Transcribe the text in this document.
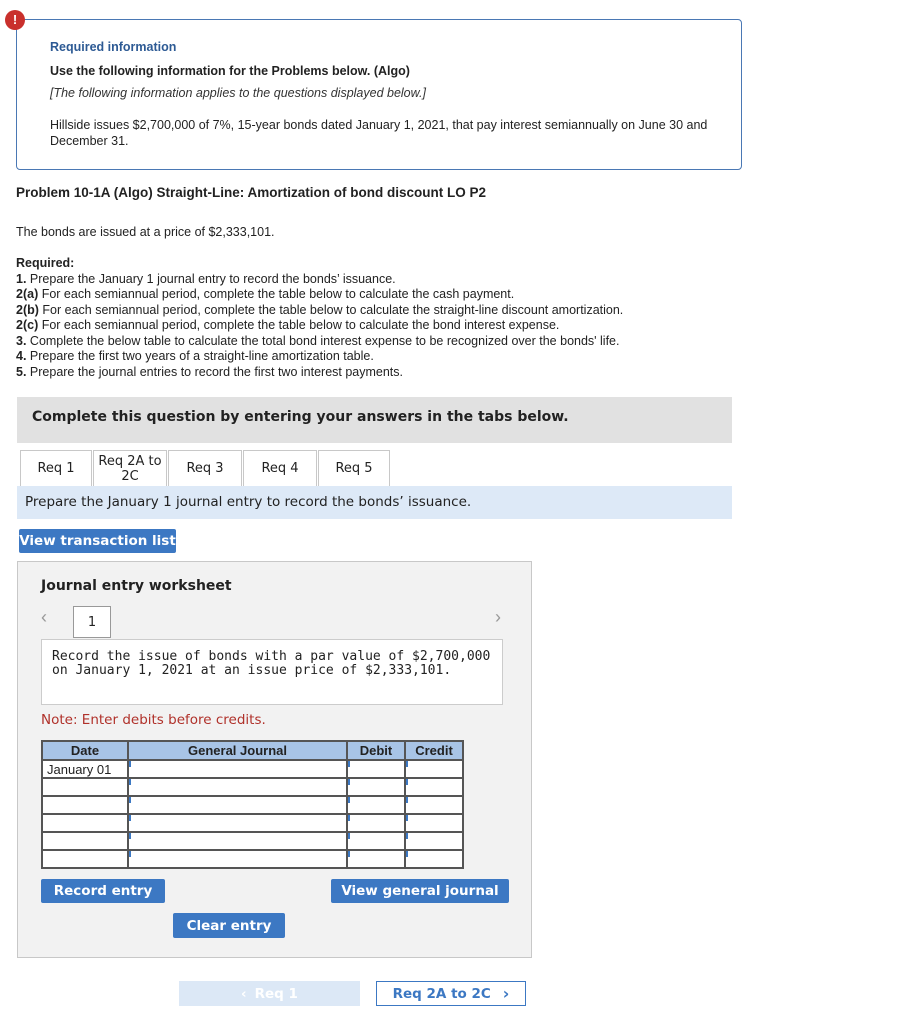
!
Required information
Use the following information for the Problems below. (Algo)
[The following information applies to the questions displayed below.]
Hillside issues $2,700,000 of 7%, 15-year bonds dated January 1, 2021, that pay interest semiannually on June 30 and December 31.
Problem 10-1A (Algo) Straight-Line: Amortization of bond discount LO P2
The bonds are issued at a price of $2,333,101.
Required:
1. Prepare the January 1 journal entry to record the bonds’ issuance.
2(a) For each semiannual period, complete the table below to calculate the cash payment.
2(b) For each semiannual period, complete the table below to calculate the straight-line discount amortization.
2(c) For each semiannual period, complete the table below to calculate the bond interest expense.
3. Complete the below table to calculate the total bond interest expense to be recognized over the bonds' life.
4. Prepare the first two years of a straight-line amortization table.
5. Prepare the journal entries to record the first two interest payments.
Complete this question by entering your answers in the tabs below.
Req 1	Req 2A to 2C	Req 3	Req 4	Req 5
Prepare the January 1 journal entry to record the bonds’ issuance.
View transaction list
Journal entry worksheet
‹	1	›
Record the issue of bonds with a par value of $2,700,000 on January 1, 2021 at an issue price of $2,333,101.
Note: Enter debits before credits.
Date	General Journal	Debit	Credit
January 01			

Record entry	View general journal
Clear entry
‹ Req 1	Req 2A to 2C ›
